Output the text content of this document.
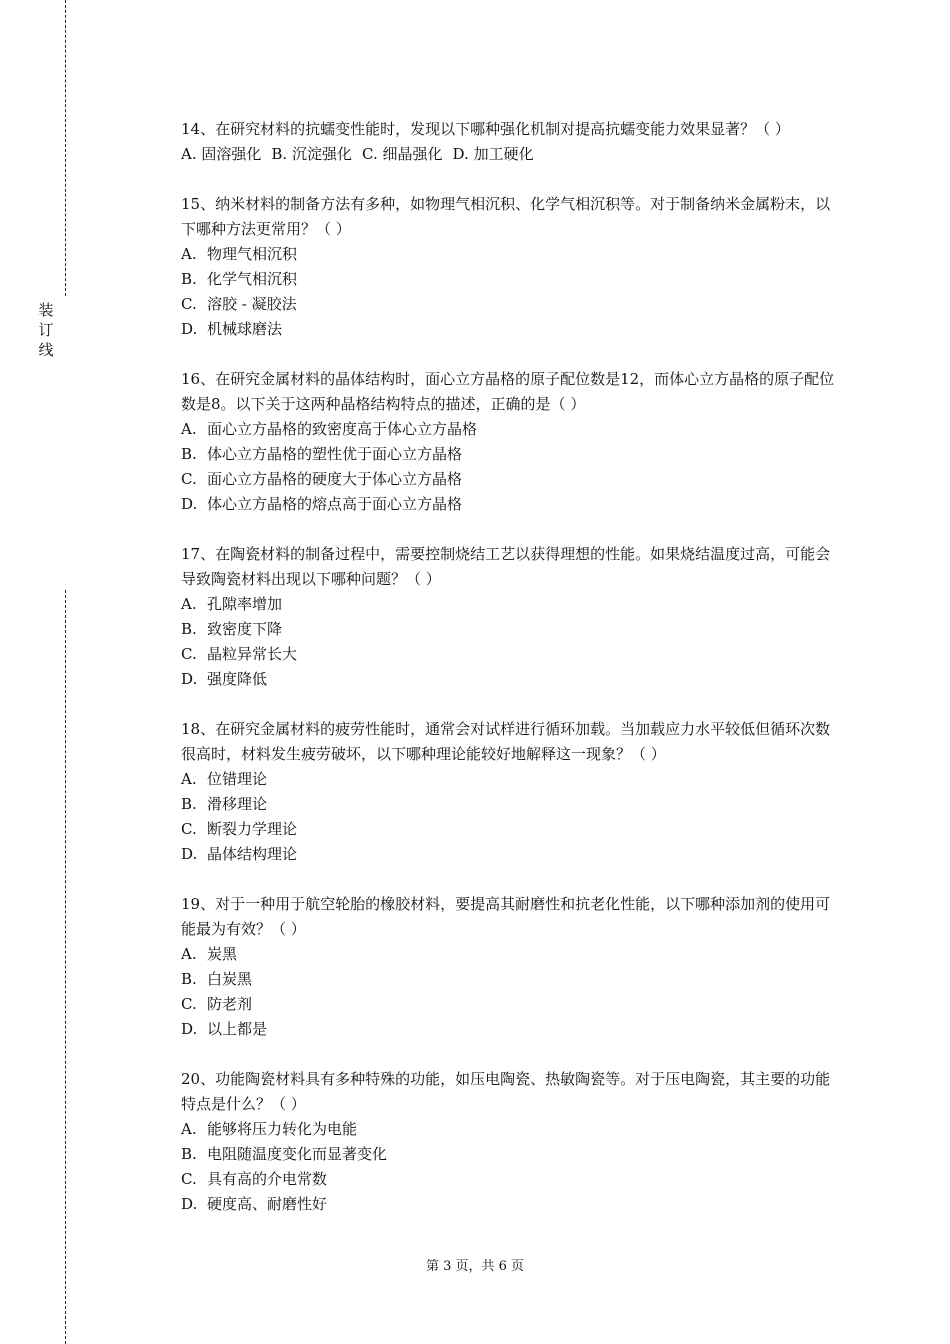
装
订
线

14、在研究材料的抗蠕变性能时，发现以下哪种强化机制对提高抗蠕变能力效果显著？（ ）

A. 固溶强化 B. 沉淀强化 C. 细晶强化 D. 加工硬化

15、纳米材料的制备方法有多种，如物理气相沉积、化学气相沉积等。对于制备纳米金属粉末，以下哪种方法更常用？（ ）

A. 物理气相沉积
B. 化学气相沉积
C. 溶胶 - 凝胶法
D. 机械球磨法

16、在研究金属材料的晶体结构时，面心立方晶格的原子配位数是12，而体心立方晶格的原子配位数是8。以下关于这两种晶格结构特点的描述，正确的是（ ）

A. 面心立方晶格的致密度高于体心立方晶格
B. 体心立方晶格的塑性优于面心立方晶格
C. 面心立方晶格的硬度大于体心立方晶格
D. 体心立方晶格的熔点高于面心立方晶格

17、在陶瓷材料的制备过程中，需要控制烧结工艺以获得理想的性能。如果烧结温度过高，可能会导致陶瓷材料出现以下哪种问题？（ ）

A. 孔隙率增加
B. 致密度下降
C. 晶粒异常长大
D. 强度降低

18、在研究金属材料的疲劳性能时，通常会对试样进行循环加载。当加载应力水平较低但循环次数很高时，材料发生疲劳破坏，以下哪种理论能较好地解释这一现象？（ ）

A. 位错理论
B. 滑移理论
C. 断裂力学理论
D. 晶体结构理论

19、对于一种用于航空轮胎的橡胶材料，要提高其耐磨性和抗老化性能，以下哪种添加剂的使用可能最为有效？（ ）

A. 炭黑
B. 白炭黑
C. 防老剂
D. 以上都是

20、功能陶瓷材料具有多种特殊的功能，如压电陶瓷、热敏陶瓷等。对于压电陶瓷，其主要的功能特点是什么？（ ）

A. 能够将压力转化为电能
B. 电阻随温度变化而显著变化
C. 具有高的介电常数
D. 硬度高、耐磨性好
第 3 页，共 6 页
